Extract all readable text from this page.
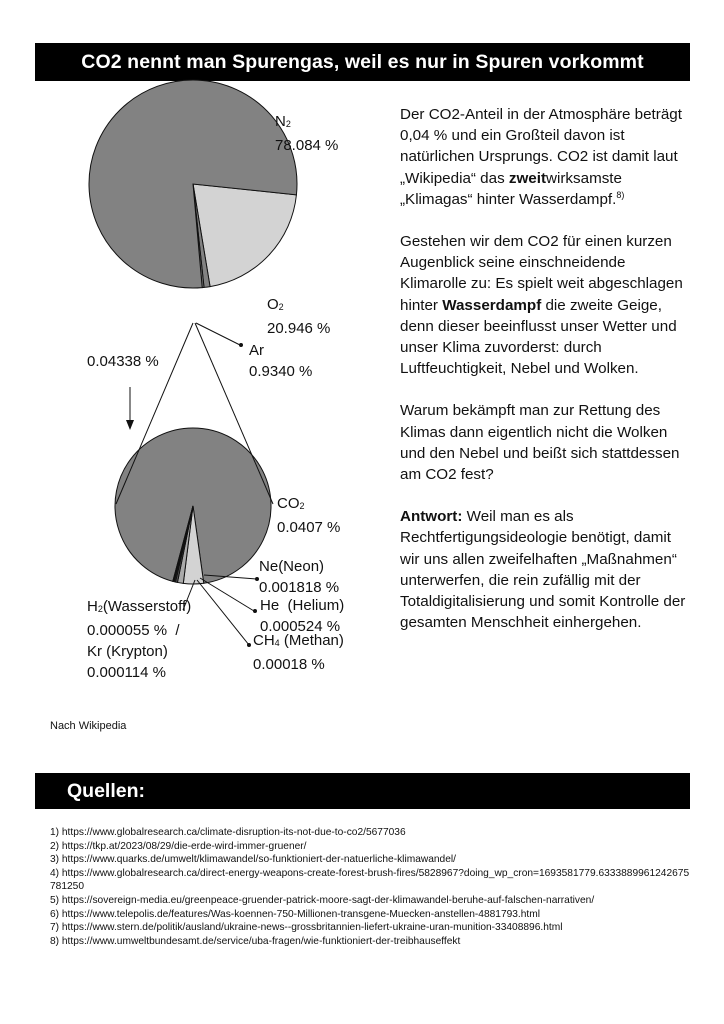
CO2 nennt man Spurengas, weil es nur in Spuren vorkommt
N2
78.084 %
O2
20.946 %
Ar
0.9340 %
0.04338 %
CO2
0.0407 %
Ne(Neon)
0.001818 %
He (Helium)
0.000524 %
CH4 (Methan)
0.00018 %
H2(Wasserstoff)
0.000055 % /
Kr (Krypton)
0.000114 %

Der CO2-Anteil in der Atmosphäre beträgt 0,04 % und ein Großteil davon ist natürlichen Ursprungs. CO2 ist damit laut „Wikipedia“ das zweitwirksamste „Klimagas“ hinter Wasserdampf.$^{8)}$

Gestehen wir dem CO2 für einen kurzen Augenblick seine einschneidende Klimarolle zu: Es spielt weit abgeschlagen hinter Wasserdampf die zweite Geige, denn dieser beeinflusst unser Wetter und unser Klima zuvorderst: durch Luftfeuchtigkeit, Nebel und Wolken.

Warum bekämpft man zur Rettung des Klimas dann eigentlich nicht die Wolken und den Nebel und beißt sich stattdessen am CO2 fest?

Antwort: Weil man es als Rechtfertigungsideologie benötigt, damit wir uns allen zweifelhaften „Maßnahmen“ unterwerfen, die rein zufällig mit der Totaldigitalisierung und somit Kontrolle der gesamten Menschheit einhergehen.

Nach Wikipedia
Quellen:
1) https://www.globalresearch.ca/climate-disruption-its-not-due-to-co2/5677036
2) https://tkp.at/2023/08/29/die-erde-wird-immer-gruener/
3) https://www.quarks.de/umwelt/klimawandel/so-funktioniert-der-natuerliche-klimawandel/
4) https://www.globalresearch.ca/direct-energy-weapons-create-forest-brush-fires/5828967?doing_wp_cron=1693581779.6333889961242675781250
5) https://sovereign-media.eu/greenpeace-gruender-patrick-moore-sagt-der-klimawandel-beruhe-auf-falschen-narrativen/
6) https://www.telepolis.de/features/Was-koennen-750-Millionen-transgene-Muecken-anstellen-4881793.html
7) https://www.stern.de/politik/ausland/ukraine-news--grossbritannien-liefert-ukraine-uran-munition-33408896.html
8) https://www.umweltbundesamt.de/service/uba-fragen/wie-funktioniert-der-treibhauseffekt
